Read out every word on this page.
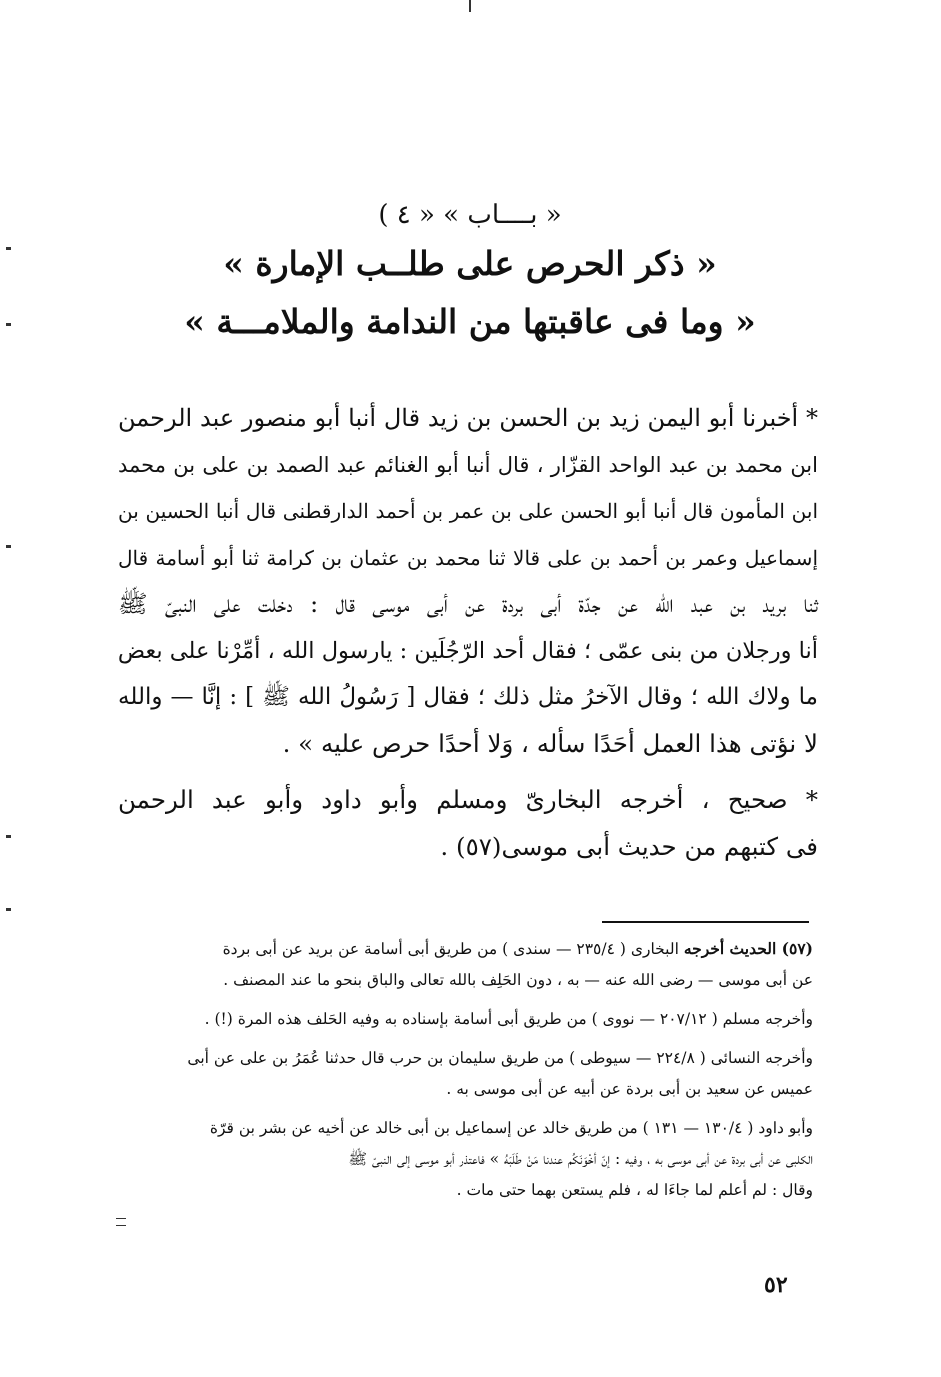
« بــــاب » « ٤ )

« ذكر الحرص على طلــب الإمارة »

« وما فى عاقبتها من الندامة والملامـــة »

* أخبرنا أبو اليمن زيد بن الحسن بن زيد قال أنبا أبو منصور عبد الرحمن
ابن محمد بن عبد الواحد القزّار ، قال أنبا أبو الغنائم عبد الصمد بن على بن محمد
ابن المأمون قال أنبا أبو الحسن على بن عمر بن أحمد الدارقطنى قال أنبا الحسين بن
إسماعيل وعمر بن أحمد بن على قالا ثنا محمد بن عثمان بن كرامة ثنا أبو أسامة قال
ثنا بريد بن عبد الله عن جدّة أبى بردة عن أبى موسى قال : دخلت على النبىّ ﷺ
أنا ورجلان من بنى عمّى ؛ فقال أحد الرّجُلَين : يارسول الله ، أمِّرْنا على بعض
ما ولاك الله ؛ وقال الآخرُ مثل ذلك ؛ فقال [ رَسُولُ الله ﷺ ] : إنَّا — والله
لا نؤتى هذا العمل أحَدًا سأله ، وَلا أحدًا حرص عليه » .

* صحيح ، أخرجه البخارىّ ومسلم وأبو داود وأبو عبد الرحمن
فى كتبهم من حديث أبى موسى(٥٧) .

(٥٧) الحديث أخرجه البخارى ( ٢٣٥/٤ — سندى ) من طريق أبى أسامة عن بريد عن أبى بردة
عن أبى موسى — رضى الله عنه — به ، دون الحَلِف بالله تعالى والباق بنحو ما عند المصنف .
وأخرجه مسلم ( ٢٠٧/١٢ — نووى ) من طريق أبى أسامة بإسناده به وفيه الحَلف هذه المرة (!) .
وأخرجه النسائى ( ٢٢٤/٨ — سيوطى ) من طريق سليمان بن حرب قال حدثنا عُمَرُ بن على عن أبى
عميس عن سعيد بن أبى بردة عن أبيه عن أبى موسى به .
وأبو داود ( ١٣٠/٤ — ١٣١ ) من طريق خالد عن إسماعيل بن أبى خالد عن أخيه عن بشر بن قرّة
الكلبى عن أبى بردة عن أبى موسى به ، وفيه : إنّ أخْوَنَكُم عندنا مَنْ طَلَبَهُ » فاعتذر أبو موسى إلى النبىّ ﷺ
وقال : لم أعلم لما جاءَا له ، فلم يستعن بهما حتى مات .
٥٢
